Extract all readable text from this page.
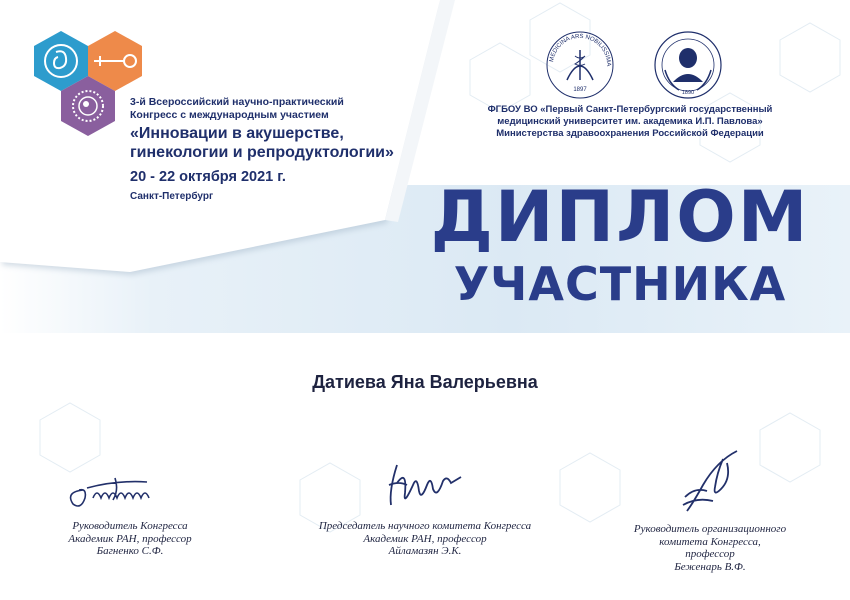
3-й Всероссийский научно-практический
Конгресс с международным участием
«Инновации в акушерстве,
гинекологии и репродуктологии»
20 - 22 октября 2021 г.
Санкт-Петербург
1897
MEDICINA ARS NOBILISSIMA
1890
ФГБОУ ВО «Первый Санкт-Петербургский государственный
медицинский университет им. академика И.П. Павлова»
Министерства здравоохранения Российской Федерации
ДИПЛОМ
УЧАСТНИКА
Датиева Яна Валерьевна
Руководитель Конгресса
Академик РАН, профессор
Багненко С.Ф.
Председатель научного комитета Конгресса
Академик РАН, профессор
Айламазян Э.К.
Руководитель организационного
комитета Конгресса,
профессор
Беженарь В.Ф.
